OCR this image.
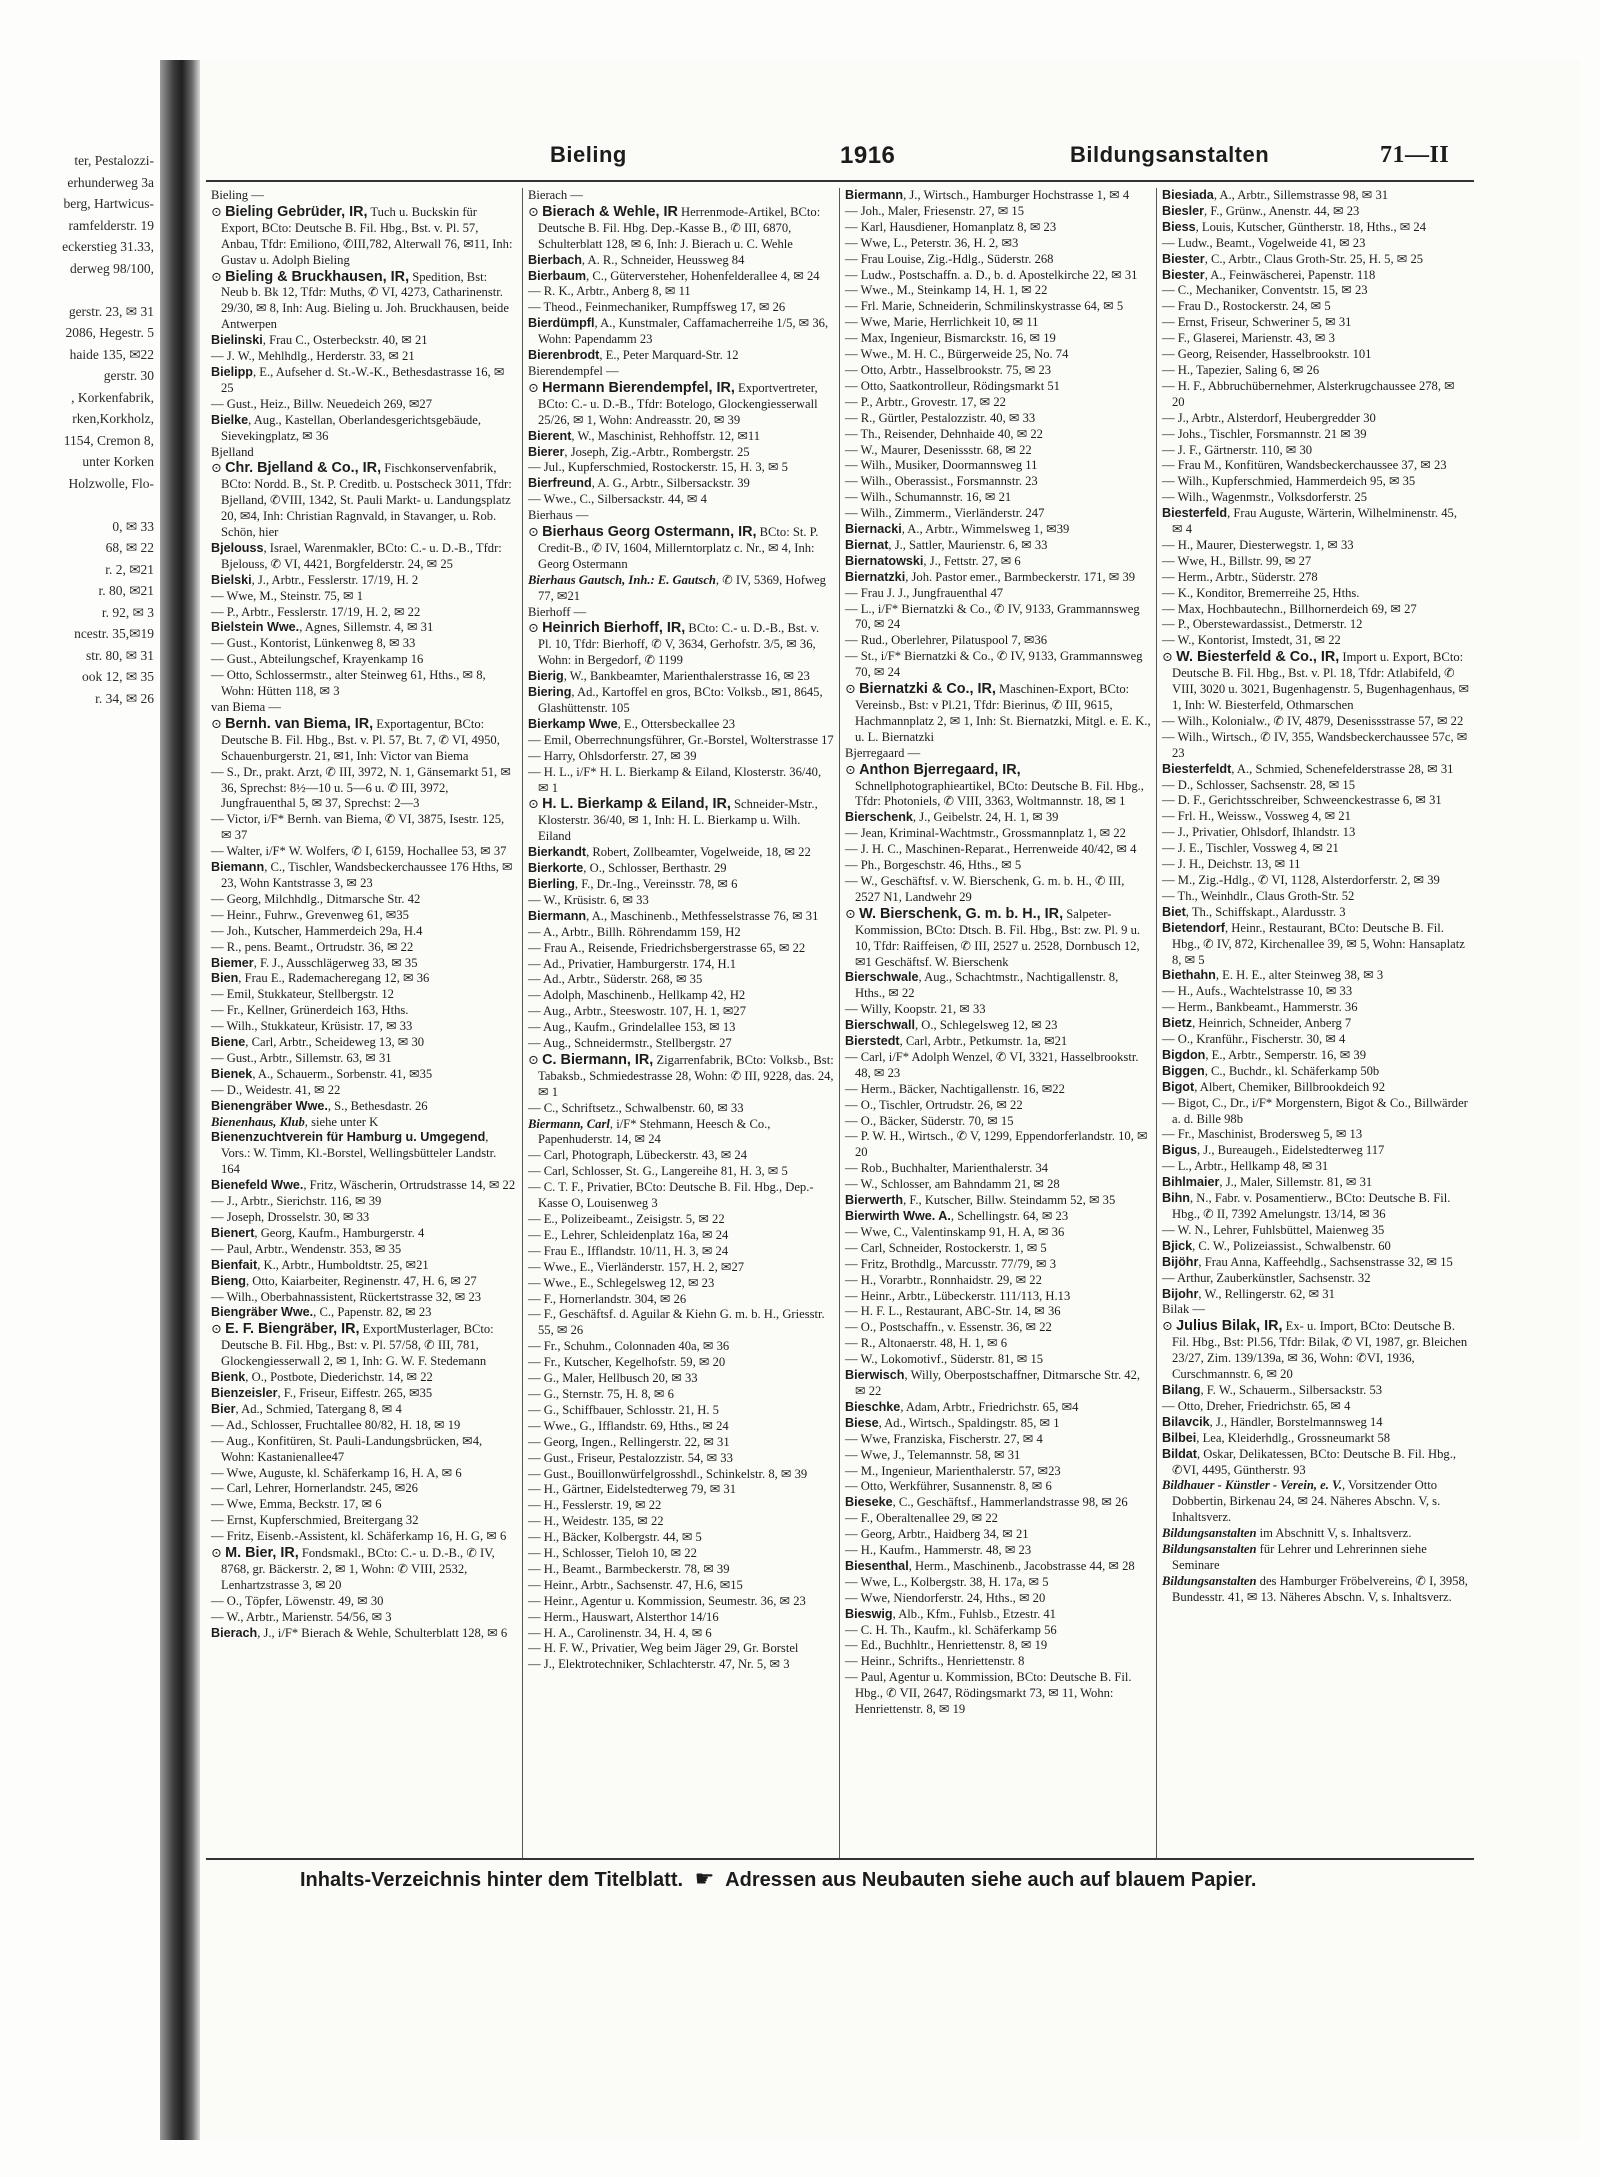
ter, Pestalozzi-
erhunderweg 3a
berg, Hartwicus-
ramfelderstr. 19
eckerstieg 31.33,
derweg 98/100,

gerstr. 23, ✉ 31
2086, Hegestr. 5
haide 135, ✉22
gerstr. 30
, Korkenfabrik,
rken,Korkholz,
1154, Cremon 8,
unter Korken
Holzwolle, Flo-

0, ✉ 33
68, ✉ 22
r. 2, ✉21
r. 80, ✉21
r. 92, ✉ 3
ncestr. 35,✉19
str. 80, ✉ 31
ook 12, ✉ 35
r. 34, ✉ 26
Bieling	1916	Bildungsanstalten	71—II

Bieling —

⊙ Bieling Gebrüder, IR, Tuch u. Buckskin für Export, BCto: Deutsche B. Fil. Hbg., Bst. v. Pl. 57, Anbau, Tfdr: Emiliono, ✆III,782, Alterwall 76, ✉11, Inh: Gustav u. Adolph Bieling

⊙ Bieling & Bruckhausen, IR, Spedition, Bst: Neub b. Bk 12, Tfdr: Muths, ✆ VI, 4273, Catharinenstr. 29/30, ✉ 8, Inh: Aug. Bieling u. Joh. Bruckhausen, beide Antwerpen

Bielinski, Frau C., Osterbeckstr. 40, ✉ 21

— J. W., Mehlhdlg., Herderstr. 33, ✉ 21

Bielipp, E., Aufseher d. St.-W.-K., Bethesdastrasse 16, ✉ 25

— Gust., Heiz., Billw. Neuedeich 269, ✉27

Bielke, Aug., Kastellan, Oberlandesgerichtsgebäude, Sievekingplatz, ✉ 36

Bjelland

⊙ Chr. Bjelland & Co., IR, Fischkonservenfabrik, BCto: Nordd. B., St. P. Creditb. u. Postscheck 3011, Tfdr: Bjelland, ✆VIII, 1342, St. Pauli Markt- u. Landungsplatz 20, ✉4, Inh: Christian Ragnvald, in Stavanger, u. Rob. Schön, hier

Bjelouss, Israel, Warenmakler, BCto: C.- u. D.-B., Tfdr: Bjelouss, ✆ VI, 4421, Borgfelderstr. 24, ✉ 25

Bielski, J., Arbtr., Fesslerstr. 17/19, H. 2

— Wwe, M., Steinstr. 75, ✉ 1

— P., Arbtr., Fesslerstr. 17/19, H. 2, ✉ 22

Bielstein Wwe., Agnes, Sillemstr. 4, ✉ 31

— Gust., Kontorist, Lünkenweg 8, ✉ 33

— Gust., Abteilungschef, Krayenkamp 16

— Otto, Schlossermstr., alter Steinweg 61, Hths., ✉ 8, Wohn: Hütten 118, ✉ 3

van Biema —

⊙ Bernh. van Biema, IR, Exportagentur, BCto: Deutsche B. Fil. Hbg., Bst. v. Pl. 57, Bt. 7, ✆ VI, 4950, Schauenburgerstr. 21, ✉1, Inh: Victor van Biema

— S., Dr., prakt. Arzt, ✆ III, 3972, N. 1, Gänsemarkt 51, ✉ 36, Sprechst: 8½—10 u. 5—6 u. ✆ III, 3972, Jungfrauenthal 5, ✉ 37, Sprechst: 2—3

— Victor, i/F* Bernh. van Biema, ✆ VI, 3875, Isestr. 125, ✉ 37

— Walter, i/F* W. Wolfers, ✆ I, 6159, Hochallee 53, ✉ 37

Biemann, C., Tischler, Wandsbeckerchaussee 176 Hths, ✉ 23, Wohn Kantstrasse 3, ✉ 23

— Georg, Milchhdlg., Ditmarsche Str. 42

— Heinr., Fuhrw., Grevenweg 61, ✉35

— Joh., Kutscher, Hammerdeich 29a, H.4

— R., pens. Beamt., Ortrudstr. 36, ✉ 22

Biemer, F. J., Ausschlägerweg 33, ✉ 35

Bien, Frau E., Rademacheregang 12, ✉ 36

— Emil, Stukkateur, Stellbergstr. 12

— Fr., Kellner, Grünerdeich 163, Hths.

— Wilh., Stukkateur, Krüsistr. 17, ✉ 33

Biene, Carl, Arbtr., Scheideweg 13, ✉ 30

— Gust., Arbtr., Sillemstr. 63, ✉ 31

Bienek, A., Schauerm., Sorbenstr. 41, ✉35

— D., Weidestr. 41, ✉ 22

Bienengräber Wwe., S., Bethesdastr. 26

Bienenhaus, Klub, siehe unter K

Bienenzuchtverein für Hamburg u. Umgegend, Vors.: W. Timm, Kl.-Borstel, Wellingsbütteler Landstr. 164

Bienefeld Wwe., Fritz, Wäscherin, Ortrudstrasse 14, ✉ 22

— J., Arbtr., Sierichstr. 116, ✉ 39

— Joseph, Drosselstr. 30, ✉ 33

Bienert, Georg, Kaufm., Hamburgerstr. 4

— Paul, Arbtr., Wendenstr. 353, ✉ 35

Bienfait, K., Arbtr., Humboldtstr. 25, ✉21

Bieng, Otto, Kaiarbeiter, Reginenstr. 47, H. 6, ✉ 27

— Wilh., Oberbahnassistent, Rückertstrasse 32, ✉ 23

Biengräber Wwe., C., Papenstr. 82, ✉ 23

⊙ E. F. Biengräber, IR, ExportMusterlager, BCto: Deutsche B. Fil. Hbg., Bst: v. Pl. 57/58, ✆ III, 781, Glockengiesserwall 2, ✉ 1, Inh: G. W. F. Stedemann

Bienk, O., Postbote, Diederichstr. 14, ✉ 22

Bienzeisler, F., Friseur, Eiffestr. 265, ✉35

Bier, Ad., Schmied, Tatergang 8, ✉ 4

— Ad., Schlosser, Fruchtallee 80/82, H. 18, ✉ 19

— Aug., Konfitüren, St. Pauli-Landungsbrücken, ✉4, Wohn: Kastanienallee47

— Wwe, Auguste, kl. Schäferkamp 16, H. A, ✉ 6

— Carl, Lehrer, Hornerlandstr. 245, ✉26

— Wwe, Emma, Beckstr. 17, ✉ 6

— Ernst, Kupferschmied, Breitergang 32

— Fritz, Eisenb.-Assistent, kl. Schäferkamp 16, H. G, ✉ 6

⊙ M. Bier, IR, Fondsmakl., BCto: C.- u. D.-B., ✆ IV, 8768, gr. Bäckerstr. 2, ✉ 1, Wohn: ✆ VIII, 2532, Lenhartzstrasse 3, ✉ 20

— O., Töpfer, Löwenstr. 49, ✉ 30

— W., Arbtr., Marienstr. 54/56, ✉ 3

Bierach, J., i/F* Bierach & Wehle, Schulterblatt 128, ✉ 6

Bierach —

⊙ Bierach & Wehle, IR Herrenmode-Artikel, BCto: Deutsche B. Fil. Hbg. Dep.-Kasse B., ✆ III, 6870, Schulterblatt 128, ✉ 6, Inh: J. Bierach u. C. Wehle

Bierbach, A. R., Schneider, Heussweg 84

Bierbaum, C., Güterversteher, Hohenfelderallee 4, ✉ 24

— R. K., Arbtr., Anberg 8, ✉ 11

— Theod., Feinmechaniker, Rumpffsweg 17, ✉ 26

Bierdümpfl, A., Kunstmaler, Caffamacherreihe 1/5, ✉ 36, Wohn: Papendamm 23

Bierenbrodt, E., Peter Marquard-Str. 12

Bierendempfel —

⊙ Hermann Bierendempfel, IR, Exportvertreter, BCto: C.- u. D.-B., Tfdr: Botelogo, Glockengiesserwall 25/26, ✉ 1, Wohn: Andreasstr. 20, ✉ 39

Bierent, W., Maschinist, Rehhoffstr. 12, ✉11

Bierer, Joseph, Zig.-Arbtr., Rombergstr. 25

— Jul., Kupferschmied, Rostockerstr. 15, H. 3, ✉ 5

Bierfreund, A. G., Arbtr., Silbersackstr. 39

— Wwe., C., Silbersackstr. 44, ✉ 4

Bierhaus —

⊙ Bierhaus Georg Ostermann, IR, BCto: St. P. Credit-B., ✆ IV, 1604, Millerntorplatz c. Nr., ✉ 4, Inh: Georg Ostermann

Bierhaus Gautsch, Inh.: E. Gautsch, ✆ IV, 5369, Hofweg 77, ✉21

Bierhoff —

⊙ Heinrich Bierhoff, IR, BCto: C.- u. D.-B., Bst. v. Pl. 10, Tfdr: Bierhoff, ✆ V, 3634, Gerhofstr. 3/5, ✉ 36, Wohn: in Bergedorf, ✆ 1199

Bierig, W., Bankbeamter, Marienthalerstrasse 16, ✉ 23

Biering, Ad., Kartoffel en gros, BCto: Volksb., ✉1, 8645, Glashüttenstr. 105

Bierkamp Wwe, E., Ottersbeckallee 23

— Emil, Oberrechnungsführer, Gr.-Borstel, Wolterstrasse 17

— Harry, Ohlsdorferstr. 27, ✉ 39

— H. L., i/F* H. L. Bierkamp & Eiland, Klosterstr. 36/40, ✉ 1

⊙ H. L. Bierkamp & Eiland, IR, Schneider-Mstr., Klosterstr. 36/40, ✉ 1, Inh: H. L. Bierkamp u. Wilh. Eiland

Bierkandt, Robert, Zollbeamter, Vogelweide, 18, ✉ 22

Bierkorte, O., Schlosser, Berthastr. 29

Bierling, F., Dr.-Ing., Vereinsstr. 78, ✉ 6

— W., Krüsistr. 6, ✉ 33

Biermann, A., Maschinenb., Methfesselstrasse 76, ✉ 31

— A., Arbtr., Billh. Röhrendamm 159, H2

— Frau A., Reisende, Friedrichsbergerstrasse 65, ✉ 22

— Ad., Privatier, Hamburgerstr. 174, H.1

— Ad., Arbtr., Süderstr. 268, ✉ 35

— Adolph, Maschinenb., Hellkamp 42, H2

— Aug., Arbtr., Steeswostr. 107, H. 1, ✉27

— Aug., Kaufm., Grindelallee 153, ✉ 13

— Aug., Schneidermstr., Stellbergstr. 27

⊙ C. Biermann, IR, Zigarrenfabrik, BCto: Volksb., Bst: Tabaksb., Schmiedestrasse 28, Wohn: ✆ III, 9228, das. 24, ✉ 1

— C., Schriftsetz., Schwalbenstr. 60, ✉ 33

Biermann, Carl, i/F* Stehmann, Heesch & Co., Papenhuderstr. 14, ✉ 24

— Carl, Photograph, Lübeckerstr. 43, ✉ 24

— Carl, Schlosser, St. G., Langereihe 81, H. 3, ✉ 5

— C. T. F., Privatier, BCto: Deutsche B. Fil. Hbg., Dep.-Kasse O, Louisenweg 3

— E., Polizeibeamt., Zeisigstr. 5, ✉ 22

— E., Lehrer, Schleidenplatz 16a, ✉ 24

— Frau E., Ifflandstr. 10/11, H. 3, ✉ 24

— Wwe., E., Vierländerstr. 157, H. 2, ✉27

— Wwe., E., Schlegelsweg 12, ✉ 23

— F., Hornerlandstr. 304, ✉ 26

— F., Geschäftsf. d. Aguilar & Kiehn G. m. b. H., Griesstr. 55, ✉ 26

— Fr., Schuhm., Colonnaden 40a, ✉ 36

— Fr., Kutscher, Kegelhofstr. 59, ✉ 20

— G., Maler, Hellbusch 20, ✉ 33

— G., Sternstr. 75, H. 8, ✉ 6

— G., Schiffbauer, Schlosstr. 21, H. 5

— Wwe., G., Ifflandstr. 69, Hths., ✉ 24

— Georg, Ingen., Rellingerstr. 22, ✉ 31

— Gust., Friseur, Pestalozzistr. 54, ✉ 33

— Gust., Bouillonwürfelgrosshdl., Schinkelstr. 8, ✉ 39

— H., Gärtner, Eidelstedterweg 79, ✉ 31

— H., Fesslerstr. 19, ✉ 22

— H., Weidestr. 135, ✉ 22

— H., Bäcker, Kolbergstr. 44, ✉ 5

— H., Schlosser, Tieloh 10, ✉ 22

— H., Beamt., Barmbeckerstr. 78, ✉ 39

— Heinr., Arbtr., Sachsenstr. 47, H.6, ✉15

— Heinr., Agentur u. Kommission, Seumestr. 36, ✉ 23

— Herm., Hauswart, Alsterthor 14/16

— H. A., Carolinenstr. 34, H. 4, ✉ 6

— H. F. W., Privatier, Weg beim Jäger 29, Gr. Borstel

— J., Elektrotechniker, Schlachterstr. 47, Nr. 5, ✉ 3

Biermann, J., Wirtsch., Hamburger Hochstrasse 1, ✉ 4

— Joh., Maler, Friesenstr. 27, ✉ 15

— Karl, Hausdiener, Homanplatz 8, ✉ 23

— Wwe, L., Peterstr. 36, H. 2, ✉3

— Frau Louise, Zig.-Hdlg., Süderstr. 268

— Ludw., Postschaffn. a. D., b. d. Apostelkirche 22, ✉ 31

— Wwe., M., Steinkamp 14, H. 1, ✉ 22

— Frl. Marie, Schneiderin, Schmilinskystrasse 64, ✉ 5

— Wwe, Marie, Herrlichkeit 10, ✉ 11

— Max, Ingenieur, Bismarckstr. 16, ✉ 19

— Wwe., M. H. C., Bürgerweide 25, No. 74

— Otto, Arbtr., Hasselbrookstr. 75, ✉ 23

— Otto, Saatkontrolleur, Rödingsmarkt 51

— P., Arbtr., Grovestr. 17, ✉ 22

— R., Gürtler, Pestalozzistr. 40, ✉ 33

— Th., Reisender, Dehnhaide 40, ✉ 22

— W., Maurer, Desenissstr. 68, ✉ 22

— Wilh., Musiker, Doormannsweg 11

— Wilh., Oberassist., Forsmannstr. 23

— Wilh., Schumannstr. 16, ✉ 21

— Wilh., Zimmerm., Vierländerstr. 247

Biernacki, A., Arbtr., Wimmelsweg 1, ✉39

Biernat, J., Sattler, Maurienstr. 6, ✉ 33

Biernatowski, J., Fettstr. 27, ✉ 6

Biernatzki, Joh. Pastor emer., Barmbeckerstr. 171, ✉ 39

— Frau J. J., Jungfrauenthal 47

— L., i/F* Biernatzki & Co., ✆ IV, 9133, Grammannsweg 70, ✉ 24

— Rud., Oberlehrer, Pilatuspool 7, ✉36

— St., i/F* Biernatzki & Co., ✆ IV, 9133, Grammannsweg 70, ✉ 24

⊙ Biernatzki & Co., IR, Maschinen-Export, BCto: Vereinsb., Bst: v Pl.21, Tfdr: Bierinus, ✆ III, 9615, Hachmannplatz 2, ✉ 1, Inh: St. Biernatzki, Mitgl. e. E. K., u. L. Biernatzki

Bjerregaard —

⊙ Anthon Bjerregaard, IR, Schnellphotographieartikel, BCto: Deutsche B. Fil. Hbg., Tfdr: Photoniels, ✆ VIII, 3363, Woltmannstr. 18, ✉ 1

Bierschenk, J., Geibelstr. 24, H. 1, ✉ 39

— Jean, Kriminal-Wachtmstr., Grossmannplatz 1, ✉ 22

— J. H. C., Maschinen-Reparat., Herrenweide 40/42, ✉ 4

— Ph., Borgeschstr. 46, Hths., ✉ 5

— W., Geschäftsf. v. W. Bierschenk, G. m. b. H., ✆ III, 2527 N1, Landwehr 29

⊙ W. Bierschenk, G. m. b. H., IR, Salpeter-Kommission, BCto: Dtsch. B. Fil. Hbg., Bst: zw. Pl. 9 u. 10, Tfdr: Raiffeisen, ✆ III, 2527 u. 2528, Dornbusch 12, ✉1 Geschäftsf. W. Bierschenk

Bierschwale, Aug., Schachtmstr., Nachtigallenstr. 8, Hths., ✉ 22

— Willy, Koopstr. 21, ✉ 33

Bierschwall, O., Schlegelsweg 12, ✉ 23

Bierstedt, Carl, Arbtr., Petkumstr. 1a, ✉21

— Carl, i/F* Adolph Wenzel, ✆ VI, 3321, Hasselbrookstr. 48, ✉ 23

— Herm., Bäcker, Nachtigallenstr. 16, ✉22

— O., Tischler, Ortrudstr. 26, ✉ 22

— O., Bäcker, Süderstr. 70, ✉ 15

— P. W. H., Wirtsch., ✆ V, 1299, Eppendorferlandstr. 10, ✉ 20

— Rob., Buchhalter, Marienthalerstr. 34

— W., Schlosser, am Bahndamm 21, ✉ 28

Bierwerth, F., Kutscher, Billw. Steindamm 52, ✉ 35

Bierwirth Wwe. A., Schellingstr. 64, ✉ 23

— Wwe, C., Valentinskamp 91, H. A, ✉ 36

— Carl, Schneider, Rostockerstr. 1, ✉ 5

— Fritz, Brothdlg., Marcusstr. 77/79, ✉ 3

— H., Vorarbtr., Ronnhaidstr. 29, ✉ 22

— Heinr., Arbtr., Lübeckerstr. 111/113, H.13

— H. F. L., Restaurant, ABC-Str. 14, ✉ 36

— O., Postschaffn., v. Essenstr. 36, ✉ 22

— R., Altonaerstr. 48, H. 1, ✉ 6

— W., Lokomotivf., Süderstr. 81, ✉ 15

Bierwisch, Willy, Oberpostschaffner, Ditmarsche Str. 42, ✉ 22

Bieschke, Adam, Arbtr., Friedrichstr. 65, ✉4

Biese, Ad., Wirtsch., Spaldingstr. 85, ✉ 1

— Wwe, Franziska, Fischerstr. 27, ✉ 4

— Wwe, J., Telemannstr. 58, ✉ 31

— M., Ingenieur, Marienthalerstr. 57, ✉23

— Otto, Werkführer, Susannenstr. 8, ✉ 6

Bieseke, C., Geschäftsf., Hammerlandstrasse 98, ✉ 26

— F., Oberaltenallee 29, ✉ 22

— Georg, Arbtr., Haidberg 34, ✉ 21

— H., Kaufm., Hammerstr. 48, ✉ 23

Biesenthal, Herm., Maschinenb., Jacobstrasse 44, ✉ 28

— Wwe, L., Kolbergstr. 38, H. 17a, ✉ 5

— Wwe, Niendorferstr. 24, Hths., ✉ 20

Bieswig, Alb., Kfm., Fuhlsb., Etzestr. 41

— C. H. Th., Kaufm., kl. Schäferkamp 56

— Ed., Buchhltr., Henriettenstr. 8, ✉ 19

— Heinr., Schrifts., Henriettenstr. 8

— Paul, Agentur u. Kommission, BCto: Deutsche B. Fil. Hbg., ✆ VII, 2647, Rödingsmarkt 73, ✉ 11, Wohn: Henriettenstr. 8, ✉ 19

Biesiada, A., Arbtr., Sillemstrasse 98, ✉ 31

Biesler, F., Grünw., Anenstr. 44, ✉ 23

Biess, Louis, Kutscher, Güntherstr. 18, Hths., ✉ 24

— Ludw., Beamt., Vogelweide 41, ✉ 23

Biester, C., Arbtr., Claus Groth-Str. 25, H. 5, ✉ 25

Biester, A., Feinwäscherei, Papenstr. 118

— C., Mechaniker, Conventstr. 15, ✉ 23

— Frau D., Rostockerstr. 24, ✉ 5

— Ernst, Friseur, Schweriner 5, ✉ 31

— F., Glaserei, Marienstr. 43, ✉ 3

— Georg, Reisender, Hasselbrookstr. 101

— H., Tapezier, Saling 6, ✉ 26

— H. F., Abbruchübernehmer, Alsterkrugchaussee 278, ✉ 20

— J., Arbtr., Alsterdorf, Heubergredder 30

— Johs., Tischler, Forsmannstr. 21 ✉ 39

— J. F., Gärtnerstr. 110, ✉ 30

— Frau M., Konfitüren, Wandsbeckerchaussee 37, ✉ 23

— Wilh., Kupferschmied, Hammerdeich 95, ✉ 35

— Wilh., Wagenmstr., Volksdorferstr. 25

Biesterfeld, Frau Auguste, Wärterin, Wilhelminenstr. 45, ✉ 4

— H., Maurer, Diesterwegstr. 1, ✉ 33

— Wwe, H., Billstr. 99, ✉ 27

— Herm., Arbtr., Süderstr. 278

— K., Konditor, Bremerreihe 25, Hths.

— Max, Hochbautechn., Billhornerdeich 69, ✉ 27

— P., Oberstewardassist., Detmerstr. 12

— W., Kontorist, Imstedt, 31, ✉ 22

⊙ W. Biesterfeld & Co., IR, Import u. Export, BCto: Deutsche B. Fil. Hbg., Bst. v. Pl. 18, Tfdr: Atlabifeld, ✆ VIII, 3020 u. 3021, Bugenhagenstr. 5, Bugenhagenhaus, ✉1, Inh: W. Biesterfeld, Othmarschen

— Wilh., Kolonialw., ✆ IV, 4879, Desenissstrasse 57, ✉ 22

— Wilh., Wirtsch., ✆ IV, 355, Wandsbeckerchaussee 57c, ✉ 23

Biesterfeldt, A., Schmied, Schenefelderstrasse 28, ✉ 31

— D., Schlosser, Sachsenstr. 28, ✉ 15

— D. F., Gerichtsschreiber, Schweenckestrasse 6, ✉ 31

— Frl. H., Weissw., Vossweg 4, ✉ 21

— J., Privatier, Ohlsdorf, Ihlandstr. 13

— J. E., Tischler, Vossweg 4, ✉ 21

— J. H., Deichstr. 13, ✉ 11

— M., Zig.-Hdlg., ✆ VI, 1128, Alsterdorferstr. 2, ✉ 39

— Th., Weinhdlr., Claus Groth-Str. 52

Biet, Th., Schiffskapt., Alardusstr. 3

Bietendorf, Heinr., Restaurant, BCto: Deutsche B. Fil. Hbg., ✆ IV, 872, Kirchenallee 39, ✉ 5, Wohn: Hansaplatz 8, ✉ 5

Biethahn, E. H. E., alter Steinweg 38, ✉ 3

— H., Aufs., Wachtelstrasse 10, ✉ 33

— Herm., Bankbeamt., Hammerstr. 36

Bietz, Heinrich, Schneider, Anberg 7

— O., Kranführ., Fischerstr. 30, ✉ 4

Bigdon, E., Arbtr., Semperstr. 16, ✉ 39

Biggen, C., Buchdr., kl. Schäferkamp 50b

Bigot, Albert, Chemiker, Billbrookdeich 92

— Bigot, C., Dr., i/F* Morgenstern, Bigot & Co., Billwärder a. d. Bille 98b

— Fr., Maschinist, Brodersweg 5, ✉ 13

Bigus, J., Bureaugeh., Eidelstedterweg 117

— L., Arbtr., Hellkamp 48, ✉ 31

Bihlmaier, J., Maler, Sillemstr. 81, ✉ 31

Bihn, N., Fabr. v. Posamentierw., BCto: Deutsche B. Fil. Hbg., ✆ II, 7392 Amelungstr. 13/14, ✉ 36

— W. N., Lehrer, Fuhlsbüttel, Maienweg 35

Bjick, C. W., Polizeiassist., Schwalbenstr. 60

Bijöhr, Frau Anna, Kaffeehdlg., Sachsenstrasse 32, ✉ 15

— Arthur, Zauberkünstler, Sachsenstr. 32

Bijohr, W., Rellingerstr. 62, ✉ 31

Bilak —

⊙ Julius Bilak, IR, Ex- u. Import, BCto: Deutsche B. Fil. Hbg., Bst: Pl.56, Tfdr: Bilak, ✆ VI, 1987, gr. Bleichen 23/27, Zim. 139/139a, ✉ 36, Wohn: ✆VI, 1936, Curschmannstr. 6, ✉ 20

Bilang, F. W., Schauerm., Silbersackstr. 53

— Otto, Dreher, Friedrichstr. 65, ✉ 4

Bilavcik, J., Händler, Borstelmannsweg 14

Bilbei, Lea, Kleiderhdlg., Grossneumarkt 58

Bildat, Oskar, Delikatessen, BCto: Deutsche B. Fil. Hbg., ✆VI, 4495, Güntherstr. 93

Bildhauer - Künstler - Verein, e. V., Vorsitzender Otto Dobbertin, Birkenau 24, ✉ 24. Näheres Abschn. V, s. Inhaltsverz.

Bildungsanstalten im Abschnitt V, s. Inhaltsverz.

Bildungsanstalten für Lehrer und Lehrerinnen siehe Seminare

Bildungsanstalten des Hamburger Fröbelvereins, ✆ I, 3958, Bundesstr. 41, ✉ 13. Näheres Abschn. V, s. Inhaltsverz.

Inhalts-Verzeichnis hinter dem Titelblatt. ☛ Adressen aus Neubauten siehe auch auf blauem Papier.
